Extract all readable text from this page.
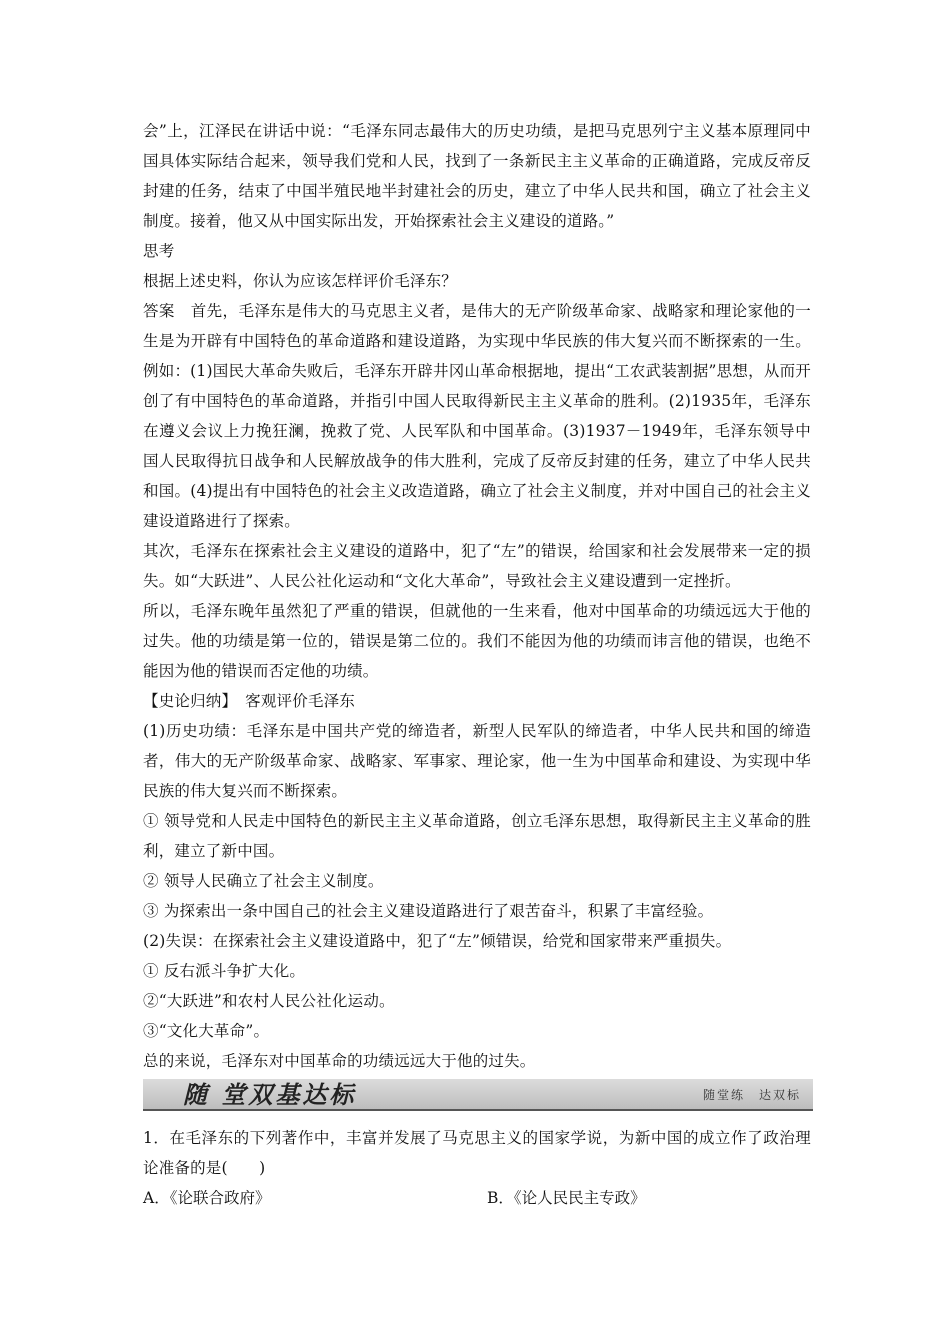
会”上，江泽民在讲话中说：“毛泽东同志最伟大的历史功绩，是把马克思列宁主义基本原理同中国具体实际结合起来，领导我们党和人民，找到了一条新民主主义革命的正确道路，完成反帝反封建的任务，结束了中国半殖民地半封建社会的历史，建立了中华人民共和国，确立了社会主义制度。接着，他又从中国实际出发，开始探索社会主义建设的道路。”

思考

根据上述史料，你认为应该怎样评价毛泽东？

答案　首先，毛泽东是伟大的马克思主义者，是伟大的无产阶级革命家、战略家和理论家他的一生是为开辟有中国特色的革命道路和建设道路，为实现中华民族的伟大复兴而不断探索的一生。例如：(1)国民大革命失败后，毛泽东开辟井冈山革命根据地，提出“工农武装割据”思想，从而开创了有中国特色的革命道路，并指引中国人民取得新民主主义革命的胜利。(2)1935年，毛泽东在遵义会议上力挽狂澜，挽救了党、人民军队和中国革命。(3)1937－1949年，毛泽东领导中国人民取得抗日战争和人民解放战争的伟大胜利，完成了反帝反封建的任务，建立了中华人民共和国。(4)提出有中国特色的社会主义改造道路，确立了社会主义制度，并对中国自己的社会主义建设道路进行了探索。

其次，毛泽东在探索社会主义建设的道路中，犯了“左”的错误，给国家和社会发展带来一定的损失。如“大跃进”、人民公社化运动和“文化大革命”，导致社会主义建设遭到一定挫折。

所以，毛泽东晚年虽然犯了严重的错误，但就他的一生来看，他对中国革命的功绩远远大于他的过失。他的功绩是第一位的，错误是第二位的。我们不能因为他的功绩而讳言他的错误，也绝不能因为他的错误而否定他的功绩。

【史论归纳】　客观评价毛泽东

(1)历史功绩：毛泽东是中国共产党的缔造者，新型人民军队的缔造者，中华人民共和国的缔造者，伟大的无产阶级革命家、战略家、军事家、理论家，他一生为中国革命和建设、为实现中华民族的伟大复兴而不断探索。

① 领导党和人民走中国特色的新民主主义革命道路，创立毛泽东思想，取得新民主主义革命的胜利，建立了新中国。

② 领导人民确立了社会主义制度。

③ 为探索出一条中国自己的社会主义建设道路进行了艰苦奋斗，积累了丰富经验。

(2)失误：在探索社会主义建设道路中，犯了“左”倾错误，给党和国家带来严重损失。

① 反右派斗争扩大化。

②“大跃进”和农村人民公社化运动。

③“文化大革命”。

总的来说，毛泽东对中国革命的功绩远远大于他的过失。

随 堂双基达标	随堂练　达双标

1．在毛泽东的下列著作中，丰富并发展了马克思主义的国家学说，为新中国的成立作了政治理论准备的是(　　)

A．《论联合政府》	B．《论人民民主专政》
